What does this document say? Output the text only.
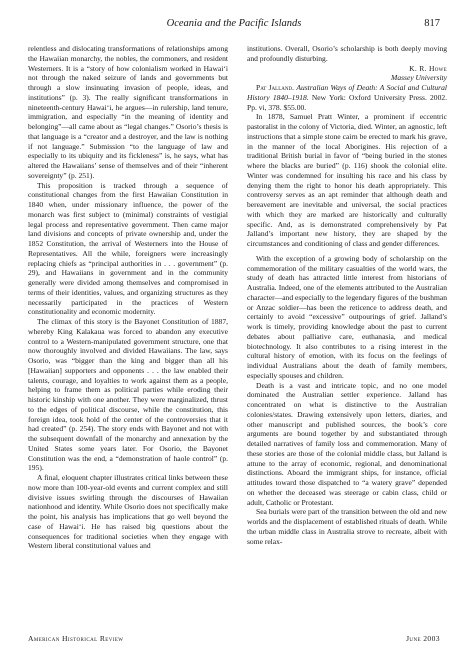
Oceania and the Pacific Islands	817

relentless and dislocating transformations of relationships among the Hawaiian monarchy, the nobles, the commoners, and resident Westerners. It is a “story of how colonialism worked in Hawai‘i not through the naked seizure of lands and governments but through a slow insinuating invasion of people, ideas, and institutions” (p. 3). The really significant transformations in nineteenth-century Hawai‘i, he argues—in rulership, land tenure, immigration, and especially “in the meaning of identity and belonging”—all came about as “legal changes.” Osorio’s thesis is that language is a “creator and a destroyer, and the law is nothing if not language.” Submission “to the language of law and especially to its ubiquity and its fickleness” is, he says, what has altered the Hawaiians’ sense of themselves and of their “inherent sovereignty” (p. 251).

This proposition is tracked through a sequence of constitutional changes from the first Hawaiian Constitution in 1840 when, under missionary influence, the power of the monarch was first subject to (minimal) constraints of vestigial legal process and representative government. Then came major land divisions and concepts of private ownership and, under the 1852 Constitution, the arrival of Westerners into the House of Representatives. All the while, foreigners were increasingly replacing chiefs as “principal authorities in . . . government” (p. 29), and Hawaiians in government and in the community generally were divided among themselves and compromised in terms of their identities, values, and organizing structures as they necessarily participated in the practices of Western constitutionality and economic modernity.

The climax of this story is the Bayonet Constitution of 1887, whereby King Kalakaua was forced to abandon any executive control to a Western-manipulated government structure, one that now thoroughly involved and divided Hawaiians. The law, says Osorio, was “bigger than the king and bigger than all his [Hawaiian] supporters and opponents . . . the law enabled their talents, courage, and loyalties to work against them as a people, helping to frame them as political parties while eroding their historic kinship with one another. They were marginalized, thrust to the edges of political discourse, while the constitution, this foreign idea, took hold of the center of the controversies that it had created” (p. 254). The story ends with Bayonet and not with the subsequent downfall of the monarchy and annexation by the United States some years later. For Osorio, the Bayonet Constitution was the end, a “demonstration of haole control” (p. 195).

A final, eloquent chapter illustrates critical links between these now more than 100-year-old events and current complex and still divisive issues swirling through the discourses of Hawaiian nationhood and identity. While Osorio does not specifically make the point, his analysis has implications that go well beyond the case of Hawai‘i. He has raised big questions about the consequences for traditional societies when they engage with Western liberal constitutional values and

institutions. Overall, Osorio’s scholarship is both deeply moving and profoundly disturbing.

K. R. Howe
Massey University

Pat Jalland. Australian Ways of Death: A Social and Cultural History 1840–1918. New York: Oxford University Press. 2002. Pp. vi, 378. $55.00.

In 1878, Samuel Pratt Winter, a prominent if eccentric pastoralist in the colony of Victoria, died. Winter, an agnostic, left instructions that a simple stone cairn be erected to mark his grave, in the manner of the local Aborigines. His rejection of a traditional British burial in favor of “being buried in the stones where the blacks are buried” (p. 116) shook the colonial elite. Winter was condemned for insulting his race and his class by denying them the right to honor his death appropriately. This controversy serves as an apt reminder that although death and bereavement are inevitable and universal, the social practices with which they are marked are historically and culturally specific. And, as is demonstrated comprehensively by Pat Jalland’s important new history, they are shaped by the circumstances and conditioning of class and gender differences.

With the exception of a growing body of scholarship on the commemoration of the military casualties of the world wars, the study of death has attracted little interest from historians of Australia. Indeed, one of the elements attributed to the Australian character—and especially to the legendary figures of the bushman or Anzac soldier—has been the reticence to address death, and certainly to avoid “excessive” outpourings of grief. Jalland’s work is timely, providing knowledge about the past to current debates about palliative care, euthanasia, and medical biotechnology. It also contributes to a rising interest in the cultural history of emotion, with its focus on the feelings of individual Australians about the death of family members, especially spouses and children.

Death is a vast and intricate topic, and no one model dominated the Australian settler experience. Jalland has concentrated on what is distinctive to the Australian colonies/states. Drawing extensively upon letters, diaries, and other manuscript and published sources, the book’s core arguments are bound together by and substantiated through detailed narratives of family loss and commemoration. Many of these stories are those of the colonial middle class, but Jalland is attune to the array of economic, regional, and denominational distinctions. Aboard the immigrant ships, for instance, official attitudes toward those dispatched to “a watery grave” depended on whether the deceased was steerage or cabin class, child or adult, Catholic or Protestant.

Sea burials were part of the transition between the old and new worlds and the displacement of established rituals of death. While the urban middle class in Australia strove to recreate, albeit with some relax-

American Historical Review	June 2003
